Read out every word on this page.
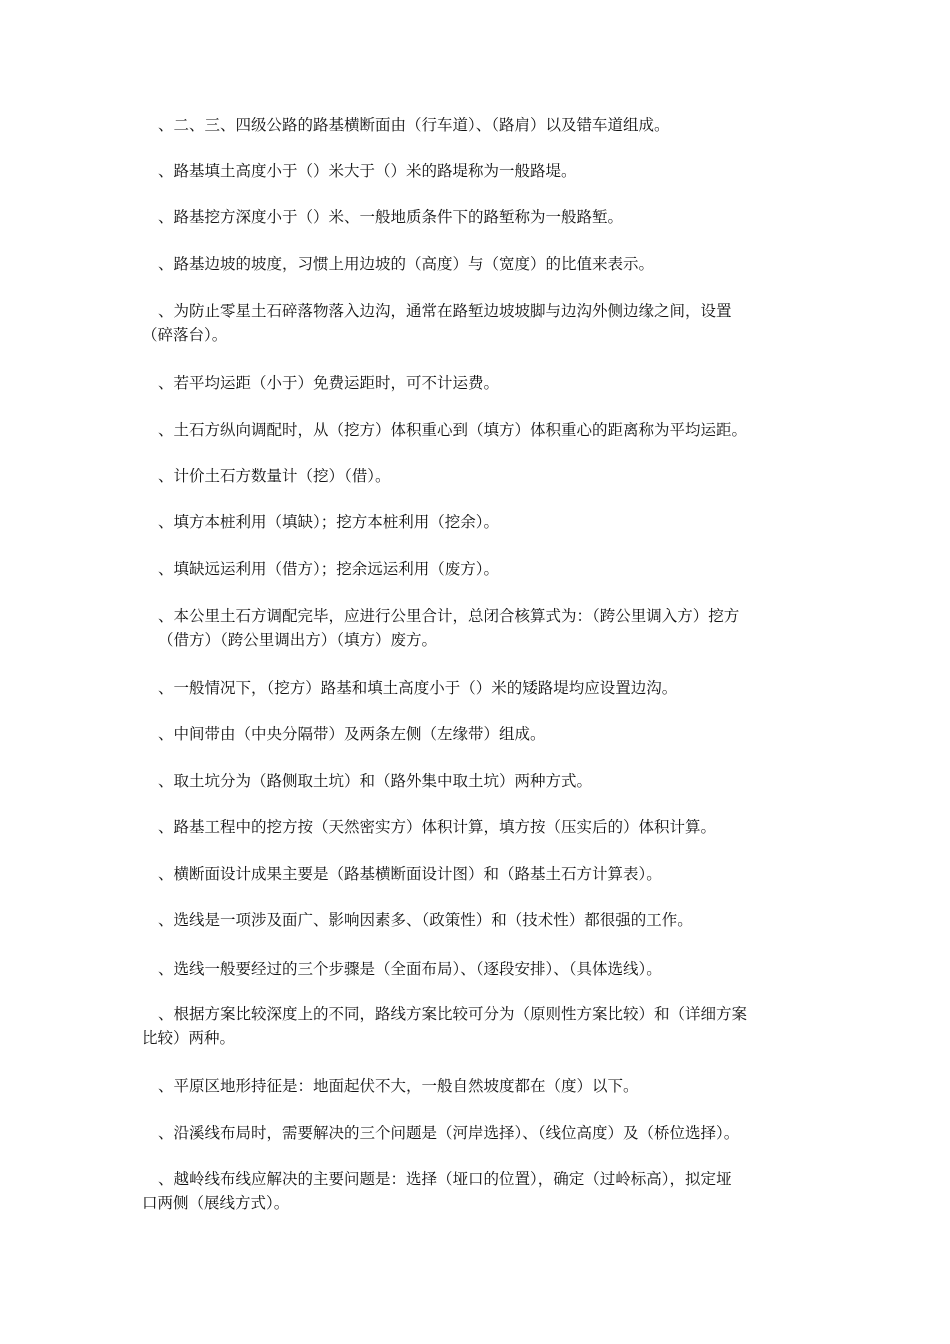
、二、三、四级公路的路基横断面由（行车道）、（路肩）以及错车道组成。

、路基填土高度小于（）米大于（）米的路堤称为一般路堤。

、路基挖方深度小于（）米、一般地质条件下的路堑称为一般路堑。

、路基边坡的坡度，习惯上用边坡的（高度）与（宽度）的比值来表示。

、为防止零星土石碎落物落入边沟，通常在路堑边坡坡脚与边沟外侧边缘之间，设置
（碎落台）。

、若平均运距（小于）免费运距时，可不计运费。

、土石方纵向调配时，从（挖方）体积重心到（填方）体积重心的距离称为平均运距。

、计价土石方数量计（挖）（借）。

、填方本桩利用（填缺）；挖方本桩利用（挖余）。

、填缺远运利用（借方）；挖余远运利用（废方）。

、本公里土石方调配完毕，应进行公里合计，总闭合核算式为：（跨公里调入方）挖方
（借方）（跨公里调出方）（填方）废方。

、一般情况下，（挖方）路基和填土高度小于（）米的矮路堤均应设置边沟。

、中间带由（中央分隔带）及两条左侧（左缘带）组成。

、取土坑分为（路侧取土坑）和（路外集中取土坑）两种方式。

、路基工程中的挖方按（天然密实方）体积计算，填方按（压实后的）体积计算。

、横断面设计成果主要是（路基横断面设计图）和（路基土石方计算表）。

、选线是一项涉及面广、影响因素多、（政策性）和（技术性）都很强的工作。

、选线一般要经过的三个步骤是（全面布局）、（逐段安排）、（具体选线）。

、根据方案比较深度上的不同，路线方案比较可分为（原则性方案比较）和（详细方案
比较）两种。

、平原区地形持征是：地面起伏不大，一般自然坡度都在（度）以下。

、沿溪线布局时，需要解决的三个问题是（河岸选择）、（线位高度）及（桥位选择）。

、越岭线布线应解决的主要问题是：选择（垭口的位置），确定（过岭标高），拟定垭
口两侧（展线方式）。
